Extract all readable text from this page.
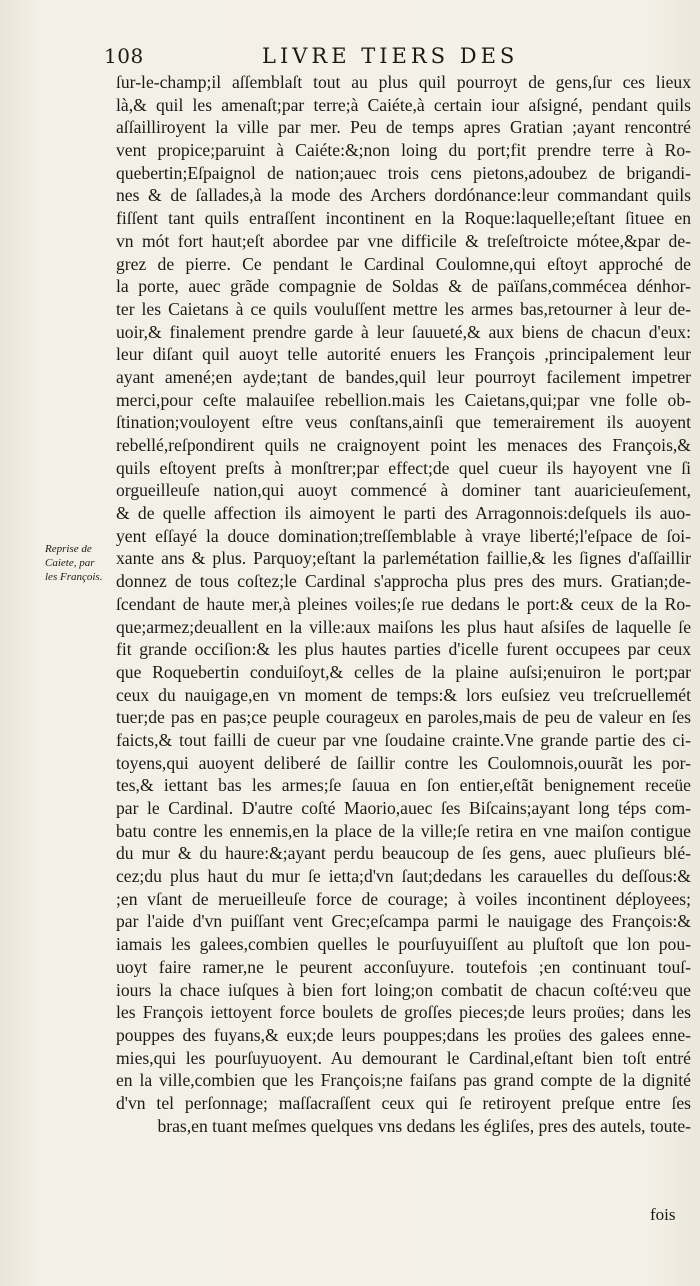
108	LIVRE TIERS DES
Reprise de
Caiete, par
les François.
ſur-le-champ;il aſſemblaſt tout au plus quil pourroyt de gens,ſur ces lieux
là,& quil les amenaſt;par terre;à Caiéte,à certain iour aſsigné, pendant quils
aſſailliroyent la ville par mer. Peu de temps apres Gratian ;ayant rencontré
vent propice;paruint à Caiéte:&;non loing du port;fit prendre terre à Ro-
quebertin;Eſpaignol de nation;auec trois cens pietons,adoubez de brigandi-
nes & de ſallades,à la mode des Archers dordónance:leur commandant quils
fiſſent tant quils entraſſent incontinent en la Roque:laquelle;eſtant ſituee en
vn mót fort haut;eſt abordee par vne difficile & treſeſtroicte mótee,&par de-
grez de pierre. Ce pendant le Cardinal Coulomne,qui eſtoyt approché de
la porte, auec grãde compagnie de Soldas & de païſans,commécea dénhor-
ter les Caietans à ce quils vouluſſent mettre les armes bas,retourner à leur de-
uoir,& finalement prendre garde à leur ſauueté,& aux biens de chacun d'eux:
leur diſant quil auoyt telle autorité enuers les François ,principalement leur
ayant amené;en ayde;tant de bandes,quil leur pourroyt facilement impetrer
merci,pour ceſte malauiſee rebellion.mais les Caietans,qui;par vne folle ob-
ſtination;vouloyent eſtre veus conſtans,ainſi que temerairement ils auoyent
rebellé,reſpondirent quils ne craignoyent point les menaces des François,&
quils eſtoyent preſts à monſtrer;par effect;de quel cueur ils hayoyent vne ſi
orgueilleuſe nation,qui auoyt commencé à dominer tant auaricieuſement,
& de quelle affection ils aimoyent le parti des Arragonnois:deſquels ils auo-
yent eſſayé la douce domination;treſſemblable à vraye liberté;l'eſpace de ſoi-
xante ans & plus. Parquoy;eſtant la parlemétation faillie,& les ſignes d'aſſaillir
donnez de tous coſtez;le Cardinal s'approcha plus pres des murs. Gratian;de-
ſcendant de haute mer,à pleines voiles;ſe rue dedans le port:& ceux de la Ro-
que;armez;deuallent en la ville:aux maiſons les plus haut aſsiſes de laquelle ſe
fit grande occiſion:& les plus hautes parties d'icelle furent occupees par ceux
que Roquebertin conduiſoyt,& celles de la plaine auſsi;enuiron le port;par
ceux du nauigage,en vn moment de temps:& lors euſsiez veu treſcruellemét
tuer;de pas en pas;ce peuple courageux en paroles,mais de peu de valeur en ſes
faicts,& tout failli de cueur par vne ſoudaine crainte.Vne grande partie des ci-
toyens,qui auoyent deliberé de ſaillir contre les Coulomnois,ouurãt les por-
tes,& iettant bas les armes;ſe ſauua en ſon entier,eſtãt benignement receüe
par le Cardinal. D'autre coſté Maorio,auec ſes Biſcains;ayant long téps com-
batu contre les ennemis,en la place de la ville;ſe retira en vne maiſon contigue
du mur & du haure:&;ayant perdu beaucoup de ſes gens, auec pluſieurs blé-
cez;du plus haut du mur ſe ietta;d'vn ſaut;dedans les carauelles du deſſous:&
;en vſant de merueilleuſe force de courage; à voiles incontinent déployees;
par l'aide d'vn puiſſant vent Grec;eſcampa parmi le nauigage des François:&
iamais les galees,combien quelles le pourſuyuiſſent au pluſtoſt que lon pou-
uoyt faire ramer,ne le peurent acconſuyure. toutefois ;en continuant touſ-
iours la chace iuſques à bien fort loing;on combatit de chacun coſté:veu que
les François iettoyent force boulets de groſſes pieces;de leurs proües; dans les
pouppes des fuyans,& eux;de leurs pouppes;dans les proües des galees enne-
mies,qui les pourſuyuoyent. Au demourant le Cardinal,eſtant bien toſt entré
en la ville,combien que les François;ne faiſans pas grand compte de la dignité
d'vn tel perſonnage; maſſacraſſent ceux qui ſe retiroyent preſque entre ſes
bras,en tuant meſmes quelques vns dedans les égliſes, pres des autels, toute-
fois
